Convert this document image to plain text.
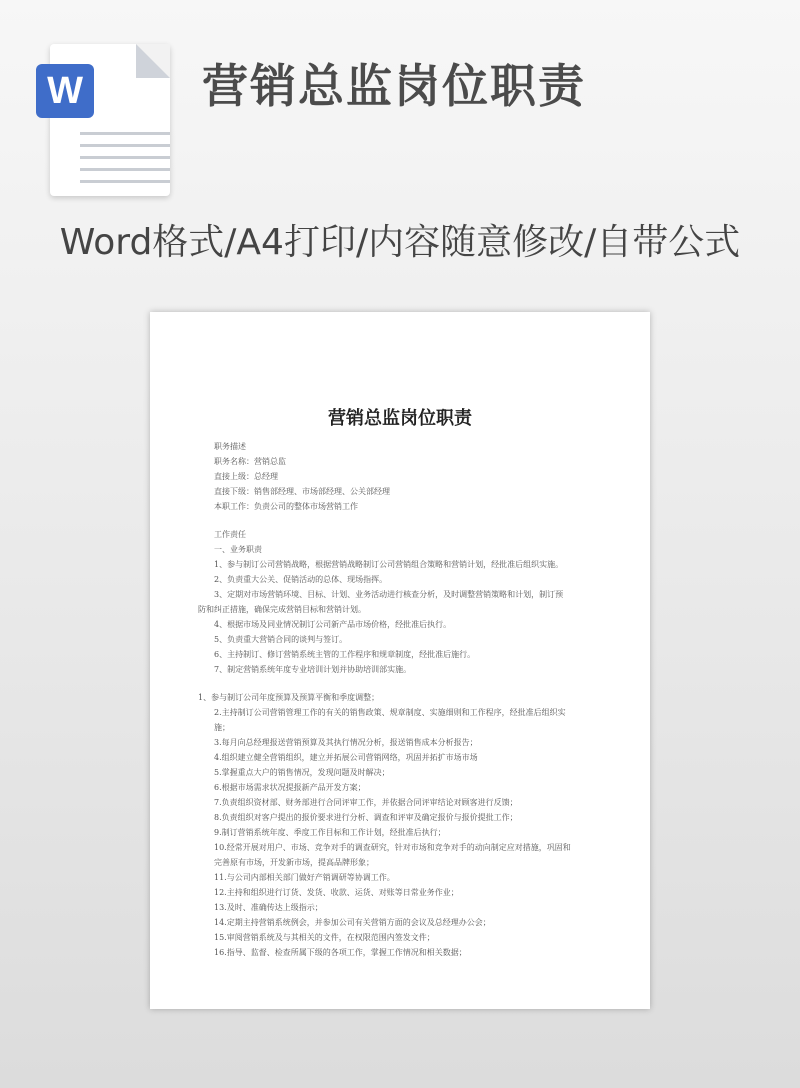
W	营销总监岗位职责
Word格式/A4打印/内容随意修改/自带公式
营销总监岗位职责
职务描述
职务名称：营销总监
直接上级：总经理
直接下级：销售部经理、市场部经理、公关部经理
本职工作：负责公司的整体市场营销工作
工作责任
一、业务职责
1、参与制订公司营销战略，根据营销战略制订公司营销组合策略和营销计划，经批准后组织实施。
2、负责重大公关、促销活动的总体、现场指挥。
3、定期对市场营销环境、目标、计划、业务活动进行核查分析，及时调整营销策略和计划，制订预
防和纠正措施，确保完成营销目标和营销计划。
4、根据市场及同业情况制订公司新产品市场价格，经批准后执行。
5、负责重大营销合同的谈判与签订。
6、主持制订、修订营销系统主管的工作程序和规章制度，经批准后施行。
7、制定营销系统年度专业培训计划并协助培训部实施。
1、参与制订公司年度预算及预算平衡和季度调整；
2.主持制订公司营销管理工作的有关的销售政策、规章制度、实施细则和工作程序，经批准后组织实
施；
3.每月向总经理报送营销预算及其执行情况分析，报送销售成本分析报告；
4.组织建立健全营销组织，建立并拓展公司营销网络，巩固并拓扩市场市场
5.掌握重点大户的销售情况，发现问题及时解决；
6.根据市场需求状况提报新产品开发方案；
7.负责组织资材部、财务部进行合同评审工作，并依据合同评审结论对顾客进行反馈；
8.负责组织对客户提出的报价要求进行分析、调查和评审及确定报价与报价提批工作；
9.制订营销系统年度、季度工作目标和工作计划，经批准后执行；
10.经常开展对用户、市场、竞争对手的调查研究，针对市场和竞争对手的动向制定应对措施，巩固和
完善原有市场，开发新市场，提高品牌形象；
11.与公司内部相关部门做好产销调研等协调工作。
12.主持和组织进行订货、发货、收款、运货、对账等日常业务作业；
13.及时、准确传达上级指示；
14.定期主持营销系统例会，并参加公司有关营销方面的会议及总经理办公会；
15.审阅营销系统及与其相关的文件，在权限范围内签发文件；
16.指导、监督、检查所属下级的各项工作，掌握工作情况和相关数据；
